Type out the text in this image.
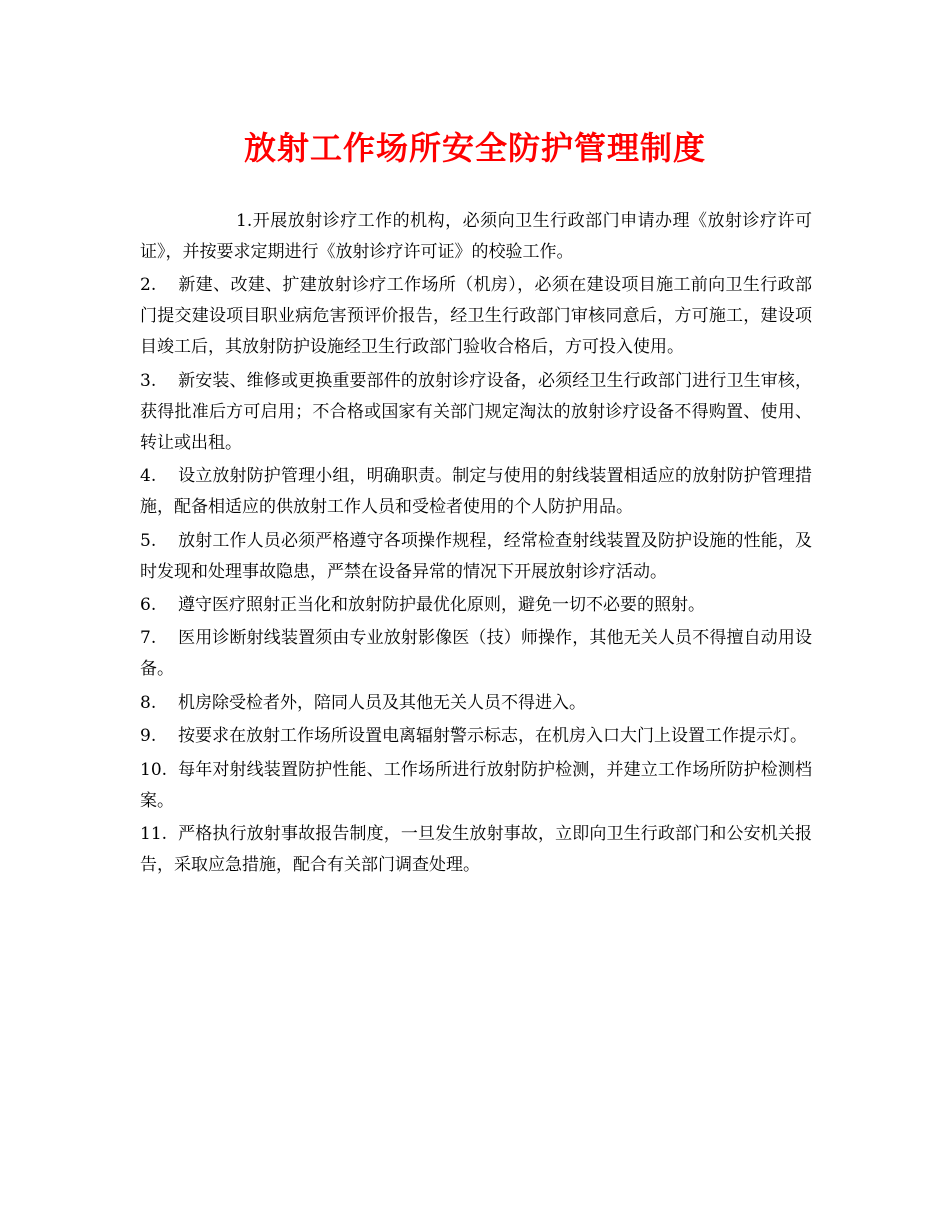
放射工作场所安全防护管理制度

1.开展放射诊疗工作的机构，必须向卫生行政部门申请办理《放射诊疗许可证》，并按要求定期进行《放射诊疗许可证》的校验工作。

2. 新建、改建、扩建放射诊疗工作场所（机房），必须在建设项目施工前向卫生行政部门提交建设项目职业病危害预评价报告，经卫生行政部门审核同意后，方可施工，建设项目竣工后，其放射防护设施经卫生行政部门验收合格后，方可投入使用。

3. 新安装、维修或更换重要部件的放射诊疗设备，必须经卫生行政部门进行卫生审核，获得批准后方可启用；不合格或国家有关部门规定淘汰的放射诊疗设备不得购置、使用、转让或出租。

4. 设立放射防护管理小组，明确职责。制定与使用的射线装置相适应的放射防护管理措施，配备相适应的供放射工作人员和受检者使用的个人防护用品。

5. 放射工作人员必须严格遵守各项操作规程，经常检查射线装置及防护设施的性能，及时发现和处理事故隐患，严禁在设备异常的情况下开展放射诊疗活动。

6. 遵守医疗照射正当化和放射防护最优化原则，避免一切不必要的照射。

7. 医用诊断射线装置须由专业放射影像医（技）师操作，其他无关人员不得擅自动用设备。

8. 机房除受检者外，陪同人员及其他无关人员不得进入。

9. 按要求在放射工作场所设置电离辐射警示标志，在机房入口大门上设置工作提示灯。

10. 每年对射线装置防护性能、工作场所进行放射防护检测，并建立工作场所防护检测档案。

11. 严格执行放射事故报告制度，一旦发生放射事故，立即向卫生行政部门和公安机关报告，采取应急措施，配合有关部门调查处理。
